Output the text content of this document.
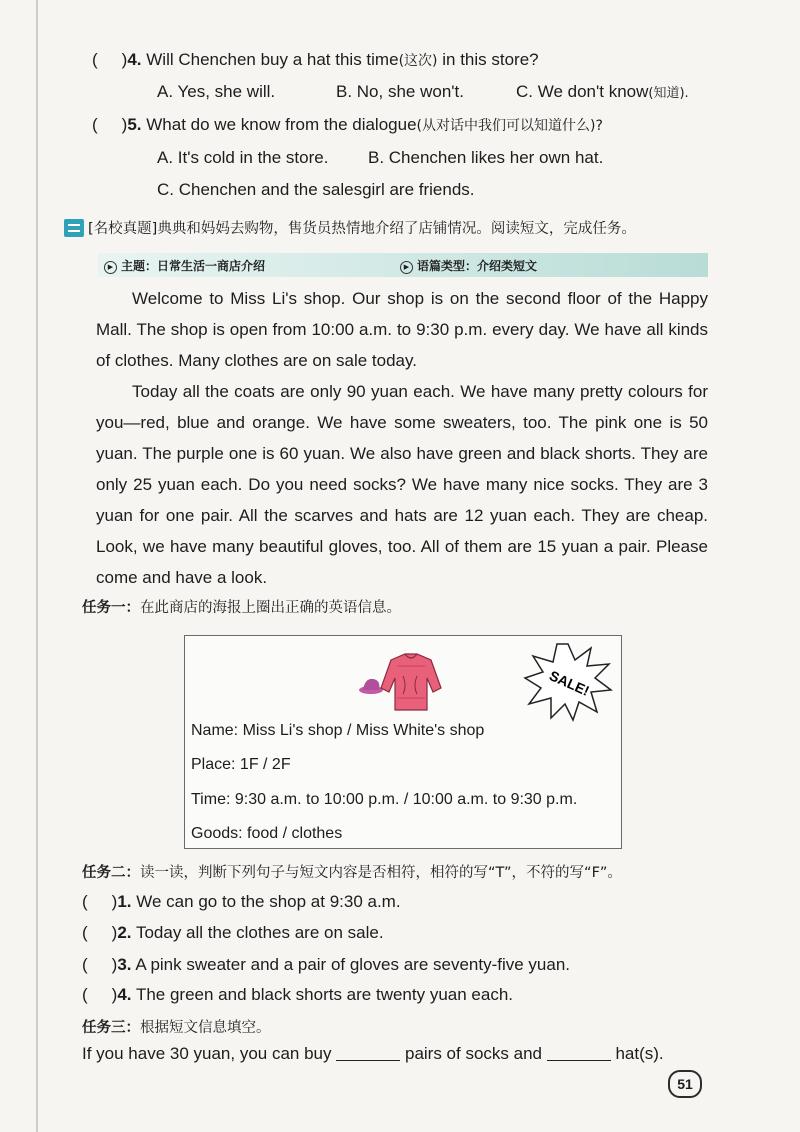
( )4. Will Chenchen buy a hat this time(这次) in this store?
A. Yes, she will.	B. No, she won't.	C. We don't know(知道).
( )5. What do we know from the dialogue(从对话中我们可以知道什么)?
A. It's cold in the store. B. Chenchen likes her own hat.
C. Chenchen and the salesgirl are friends.
[名校真题]典典和妈妈去购物，售货员热情地介绍了店铺情况。阅读短文，完成任务。
▶ 主题：日常生活一商店介绍	▶ 语篇类型：介绍类短文
Welcome to Miss Li's shop. Our shop is on the second floor of the Happy Mall. The shop is open from 10:00 a.m. to 9:30 p.m. every day. We have all kinds of clothes. Many clothes are on sale today.
Today all the coats are only 90 yuan each. We have many pretty colours for you—red, blue and orange. We have some sweaters, too. The pink one is 50 yuan. The purple one is 60 yuan. We also have green and black shorts. They are only 25 yuan each. Do you need socks? We have many nice socks. They are 3 yuan for one pair. All the scarves and hats are 12 yuan each. They are cheap. Look, we have many beautiful gloves, too. All of them are 15 yuan a pair. Please come and have a look.
任务一：在此商店的海报上圈出正确的英语信息。
SALE!
Name: Miss Li's shop / Miss White's shop
Place: 1F / 2F
Time: 9:30 a.m. to 10:00 p.m. / 10:00 a.m. to 9:30 p.m.
Goods: food / clothes
任务二：读一读，判断下列句子与短文内容是否相符，相符的写“T”，不符的写“F”。
( )1. We can go to the shop at 9:30 a.m.
( )2. Today all the clothes are on sale.
( )3. A pink sweater and a pair of gloves are seventy-five yuan.
( )4. The green and black shorts are twenty yuan each.
任务三：根据短文信息填空。
If you have 30 yuan, you can buy	pairs of socks and	hat(s).
51
